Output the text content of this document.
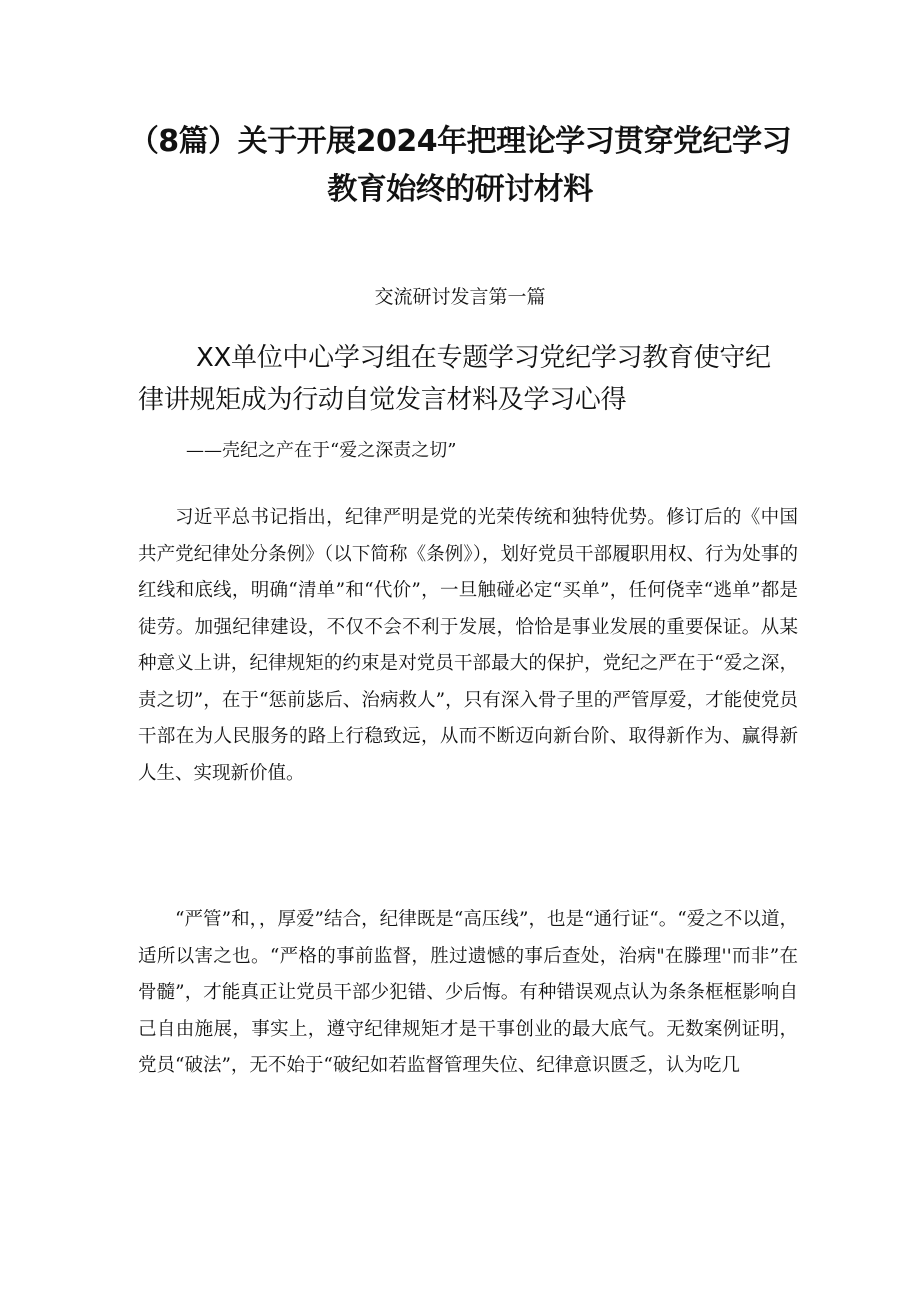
（8篇）关于开展2024年把理论学习贯穿党纪学习
教育始终的研讨材料
交流研讨发言第一篇
XX单位中心学习组在专题学习党纪学习教育使守纪
律讲规矩成为行动自觉发言材料及学习心得
——壳纪之产在于“爱之深责之切”

习近平总书记指出，纪律严明是党的光荣传统和独特优势。修订后的《中国共产党纪律处分条例》（以下简称《条例》），划好党员干部履职用权、行为处事的红线和底线，明确“清单”和“代价”，一旦触碰必定“买单”，任何侥幸“逃单”都是徒劳。加强纪律建设，不仅不会不利于发展，恰恰是事业发展的重要保证。从某种意义上讲，纪律规矩的约束是对党员干部最大的保护，党纪之严在于“爱之深，责之切”，在于“惩前毖后、治病救人”，只有深入骨子里的严管厚爱，才能使党员干部在为人民服务的路上行稳致远，从而不断迈向新台阶、取得新作为、赢得新人生、实现新价值。

“严管”和，，厚爱”结合，纪律既是“高压线”，也是“通行证“。“爱之不以道，适所以害之也。“严格的事前监督，胜过遗憾的事后查处，治病"在滕理''而非”在骨髓”，才能真正让党员干部少犯错、少后悔。有种错误观点认为条条框框影响自己自由施展，事实上，遵守纪律规矩才是干事创业的最大底气。无数案例证明，党员“破法”，无不始于“破纪如若监督管理失位、纪律意识匮乏，认为吃几
